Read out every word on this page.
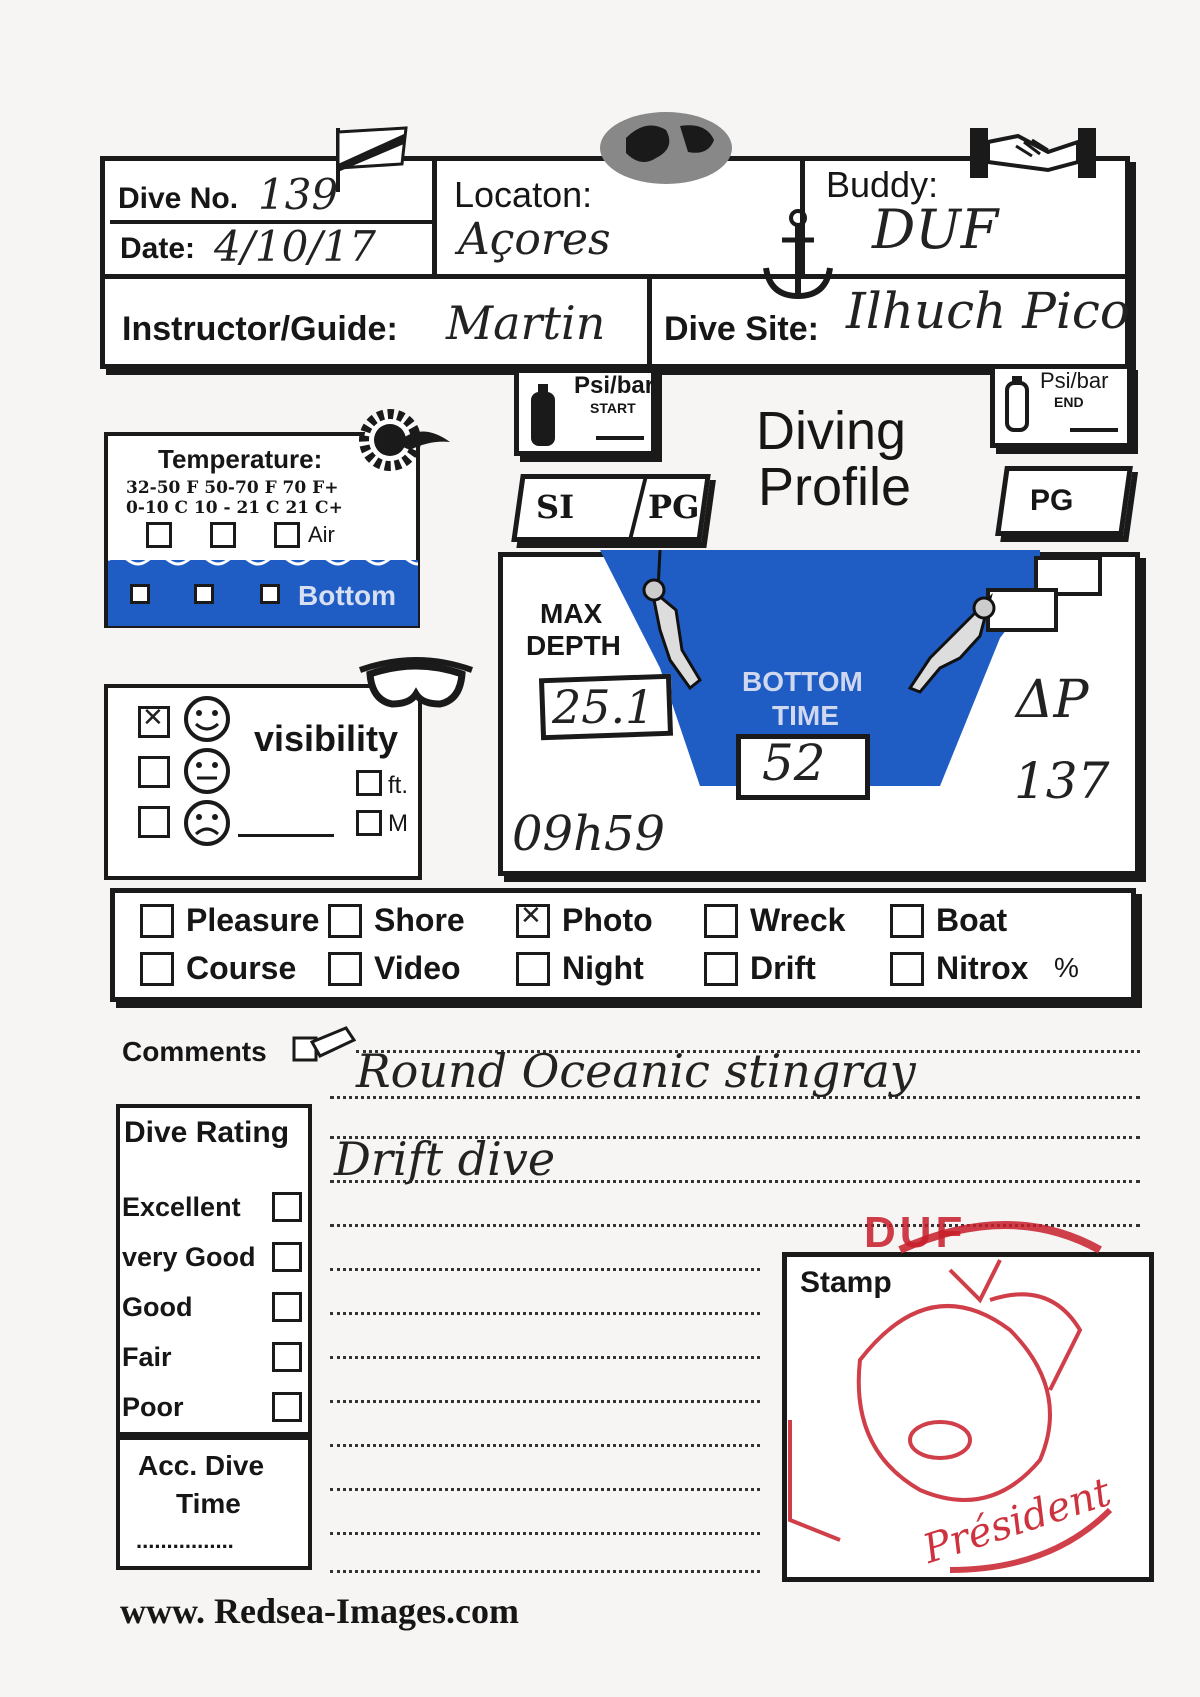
Dive No. 139
Date: 4/10/17
Locaton:
Açores
Buddy:
DUF
Instructor/Guide: Martin Dive Site: Ilhuch Pico
Psi/bar
START
SI PG
Diving
Profile
Psi/bar
END
PG
MAX
DEPTH
25.1	BOTTOM
TIME
52
09h59
ΔP
137
Temperature:
32-50 F 50-70 F 70 F+
0-10 C 10 - 21 C 21 C+
Air
Bottom
✕
visibility
ft.
M
Pleasure Shore
✕	Photo	Wreck	Boat
Course Video	Night	Drift	Nitrox %
Comments Round Oceanic stingray
Drift dive
Dive Rating
Excellent
very Good
Good
Fair
Poor
Acc. Dive
Time
................
Stamp
DUF
Président
www. Redsea-Images.com
